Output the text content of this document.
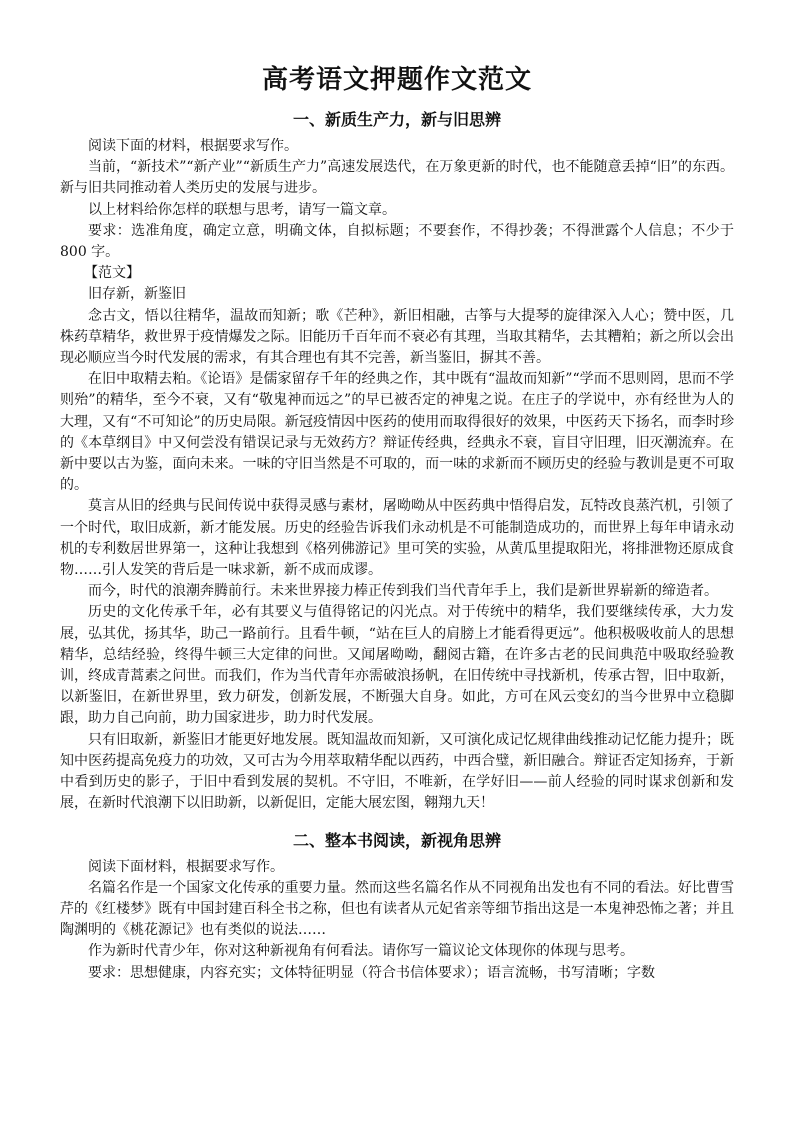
高考语文押题作文范文
一、新质生产力，新与旧思辨

阅读下面的材料，根据要求写作。

当前，“新技术”“新产业”“新质生产力”高速发展迭代，在万象更新的时代，也不能随意丢掉“旧”的东西。新与旧共同推动着人类历史的发展与进步。

以上材料给你怎样的联想与思考，请写一篇文章。

要求：选准角度，确定立意，明确文体，自拟标题；不要套作，不得抄袭；不得泄露个人信息；不少于 800 字。

【范文】

旧存新，新鉴旧

念古文，悟以往精华，温故而知新；歌《芒种》，新旧相融，古筝与大提琴的旋律深入人心；赞中医，几株药草精华，救世界于疫情爆发之际。旧能历千百年而不衰必有其理，当取其精华，去其糟粕；新之所以会出现必顺应当今时代发展的需求，有其合理也有其不完善，新当鉴旧，摒其不善。

在旧中取精去粕。《论语》是儒家留存千年的经典之作，其中既有“温故而知新”“学而不思则罔，思而不学则殆”的精华，至今不衰，又有“敬鬼神而远之”的早已被否定的神鬼之说。在庄子的学说中，亦有经世为人的大理，又有“不可知论”的历史局限。新冠疫情因中医药的使用而取得很好的效果，中医药天下扬名，而李时珍的《本草纲目》中又何尝没有错误记录与无效药方？辩证传经典，经典永不衰，盲目守旧理，旧灭潮流弃。在新中要以古为鉴，面向未来。一味的守旧当然是不可取的，而一味的求新而不顾历史的经验与教训是更不可取的。

莫言从旧的经典与民间传说中获得灵感与素材，屠呦呦从中医药典中悟得启发，瓦特改良蒸汽机，引领了一个时代，取旧成新，新才能发展。历史的经验告诉我们永动机是不可能制造成功的，而世界上每年申请永动机的专利数居世界第一，这种让我想到《格列佛游记》里可笑的实验，从黄瓜里提取阳光，将排泄物还原成食物……引人发笑的背后是一味求新，新不成而成谬。

而今，时代的浪潮奔腾前行。未来世界接力棒正传到我们当代青年手上，我们是新世界崭新的缔造者。

历史的文化传承千年，必有其要义与值得铭记的闪光点。对于传统中的精华，我们要继续传承，大力发展，弘其优，扬其华，助己一路前行。且看牛顿，“站在巨人的肩膀上才能看得更远”。他积极吸收前人的思想精华，总结经验，终得牛顿三大定律的问世。又闻屠呦呦，翻阅古籍，在许多古老的民间典范中吸取经验教训，终成青蒿素之问世。而我们，作为当代青年亦需破浪扬帆，在旧传统中寻找新机，传承古智，旧中取新，以新鉴旧，在新世界里，致力研发，创新发展，不断强大自身。如此，方可在风云变幻的当今世界中立稳脚跟，助力自己向前，助力国家进步，助力时代发展。

只有旧取新，新鉴旧才能更好地发展。既知温故而知新，又可演化成记忆规律曲线推动记忆能力提升；既知中医药提高免疫力的功效，又可古为今用萃取精华配以西药，中西合璧，新旧融合。辩证否定知扬弃，于新中看到历史的影子，于旧中看到发展的契机。不守旧，不唯新，在学好旧——前人经验的同时谋求创新和发展，在新时代浪潮下以旧助新，以新促旧，定能大展宏图，翱翔九天！

二、整本书阅读，新视角思辨

阅读下面材料，根据要求写作。

名篇名作是一个国家文化传承的重要力量。然而这些名篇名作从不同视角出发也有不同的看法。好比曹雪芹的《红楼梦》既有中国封建百科全书之称，但也有读者从元妃省亲等细节指出这是一本鬼神恐怖之著；并且陶渊明的《桃花源记》也有类似的说法……

作为新时代青少年，你对这种新视角有何看法。请你写一篇议论文体现你的体现与思考。

要求：思想健康，内容充实；文体特征明显（符合书信体要求）；语言流畅，书写清晰；字数
